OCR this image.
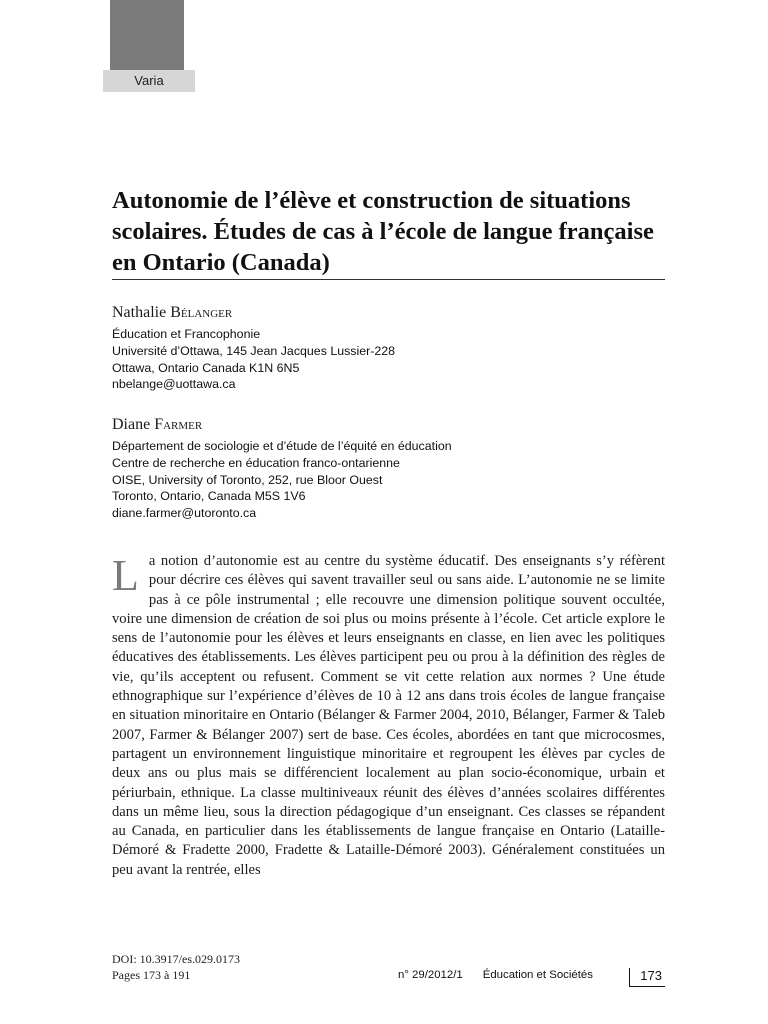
Varia
Autonomie de l’élève et construction de situations scolaires. Études de cas à l’école de langue française en Ontario (Canada)
Nathalie Bélanger
Éducation et Francophonie
Université d’Ottawa, 145 Jean Jacques Lussier-228
Ottawa, Ontario Canada K1N 6N5
nbelange@uottawa.ca
Diane Farmer
Département de sociologie et d’étude de l’équité en éducation
Centre de recherche en éducation franco-ontarienne
OISE, University of Toronto, 252, rue Bloor Ouest
Toronto, Ontario, Canada M5S 1V6
diane.farmer@utoronto.ca

La notion d’autonomie est au centre du système éducatif. Des enseignants s’y réfèrent pour décrire ces élèves qui savent travailler seul ou sans aide. L’autonomie ne se limite pas à ce pôle instrumental ; elle recouvre une dimension politique souvent occultée, voire une dimension de création de soi plus ou moins présente à l’école. Cet article explore le sens de l’autonomie pour les élèves et leurs enseignants en classe, en lien avec les politiques éducatives des établissements. Les élèves participent peu ou prou à la définition des règles de vie, qu’ils acceptent ou refusent. Comment se vit cette relation aux normes ? Une étude ethnographique sur l’expérience d’élèves de 10 à 12 ans dans trois écoles de langue française en situation minoritaire en Ontario (Bélanger & Farmer 2004, 2010, Bélanger, Farmer & Taleb 2007, Farmer & Bélanger 2007) sert de base. Ces écoles, abordées en tant que microcosmes, partagent un environnement linguistique minoritaire et regroupent les élèves par cycles de deux ans ou plus mais se différencient localement au plan socio-économique, urbain et périurbain, ethnique. La classe multiniveaux réunit des élèves d’années scolaires différentes dans un même lieu, sous la direction pédagogique d’un enseignant. Ces classes se répandent au Canada, en particulier dans les établissements de langue française en Ontario (Lataille-Démoré & Fradette 2000, Fradette & Lataille-Démoré 2003). Généralement constituées un peu avant la rentrée, elles

DOI: 10.3917/es.029.0173
Pages 173 à 191	n° 29/2012/1 Éducation et Sociétés	173
